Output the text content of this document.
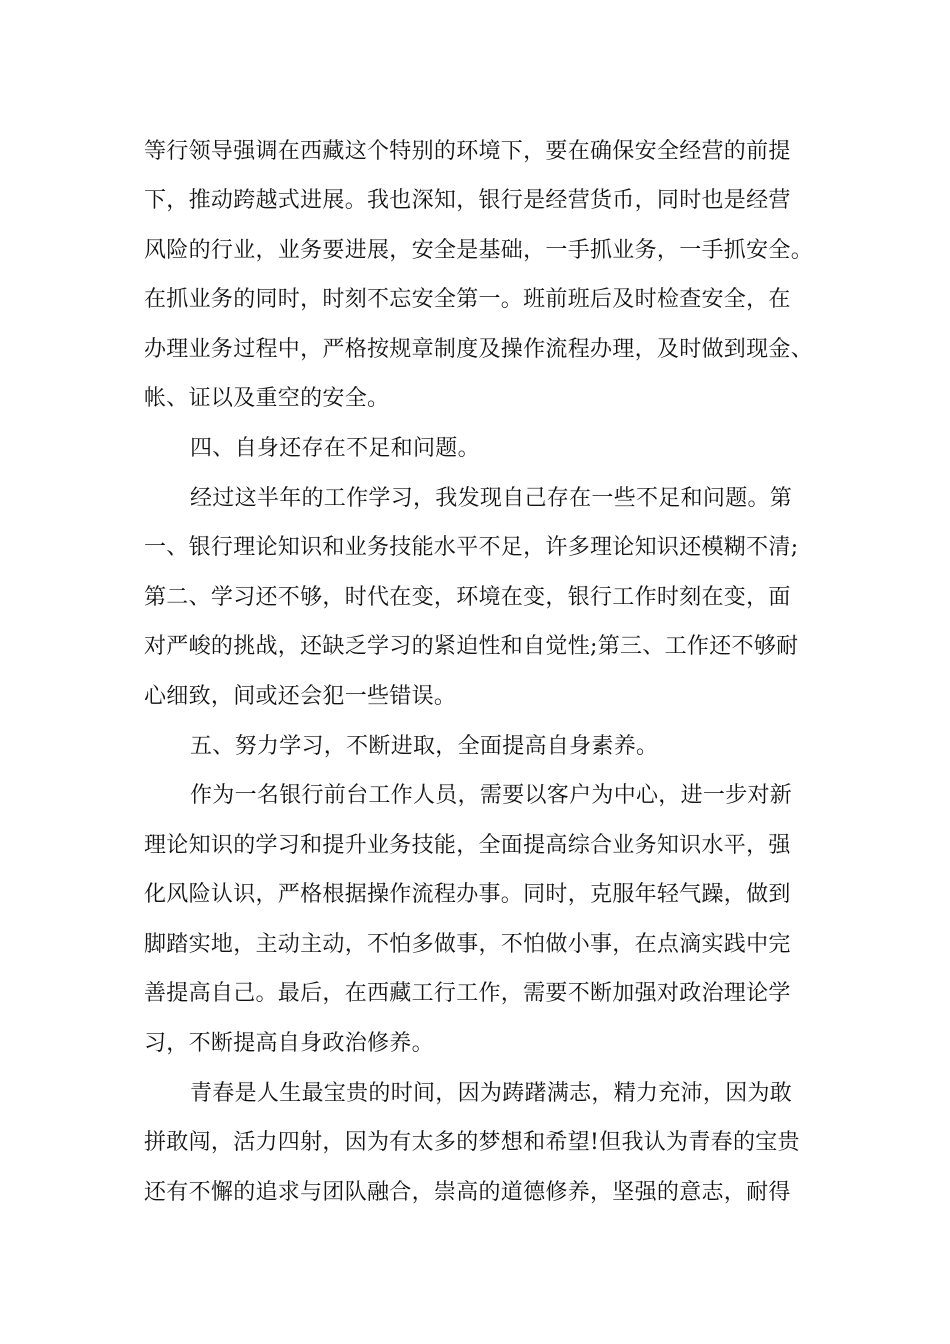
等行领导强调在西藏这个特别的环境下，要在确保安全经营的前提
下，推动跨越式进展。我也深知，银行是经营货币，同时也是经营
风险的行业，业务要进展，安全是基础，一手抓业务，一手抓安全。
在抓业务的同时，时刻不忘安全第一。班前班后及时检查安全，在
办理业务过程中，严格按规章制度及操作流程办理，及时做到现金、
帐、证以及重空的安全。
四、自身还存在不足和问题。
经过这半年的工作学习，我发现自己存在一些不足和问题。第
一、银行理论知识和业务技能水平不足，许多理论知识还模糊不清;
第二、学习还不够，时代在变，环境在变，银行工作时刻在变，面
对严峻的挑战，还缺乏学习的紧迫性和自觉性;第三、工作还不够耐
心细致，间或还会犯一些错误。
五、努力学习，不断进取，全面提高自身素养。
作为一名银行前台工作人员，需要以客户为中心，进一步对新
理论知识的学习和提升业务技能，全面提高综合业务知识水平，强
化风险认识，严格根据操作流程办事。同时，克服年轻气躁，做到
脚踏实地，主动主动，不怕多做事，不怕做小事，在点滴实践中完
善提高自己。最后，在西藏工行工作，需要不断加强对政治理论学
习，不断提高自身政治修养。
青春是人生最宝贵的时间，因为踌躇满志，精力充沛，因为敢
拼敢闯，活力四射，因为有太多的梦想和希望!但我认为青春的宝贵
还有不懈的追求与团队融合，崇高的道德修养，坚强的意志，耐得
